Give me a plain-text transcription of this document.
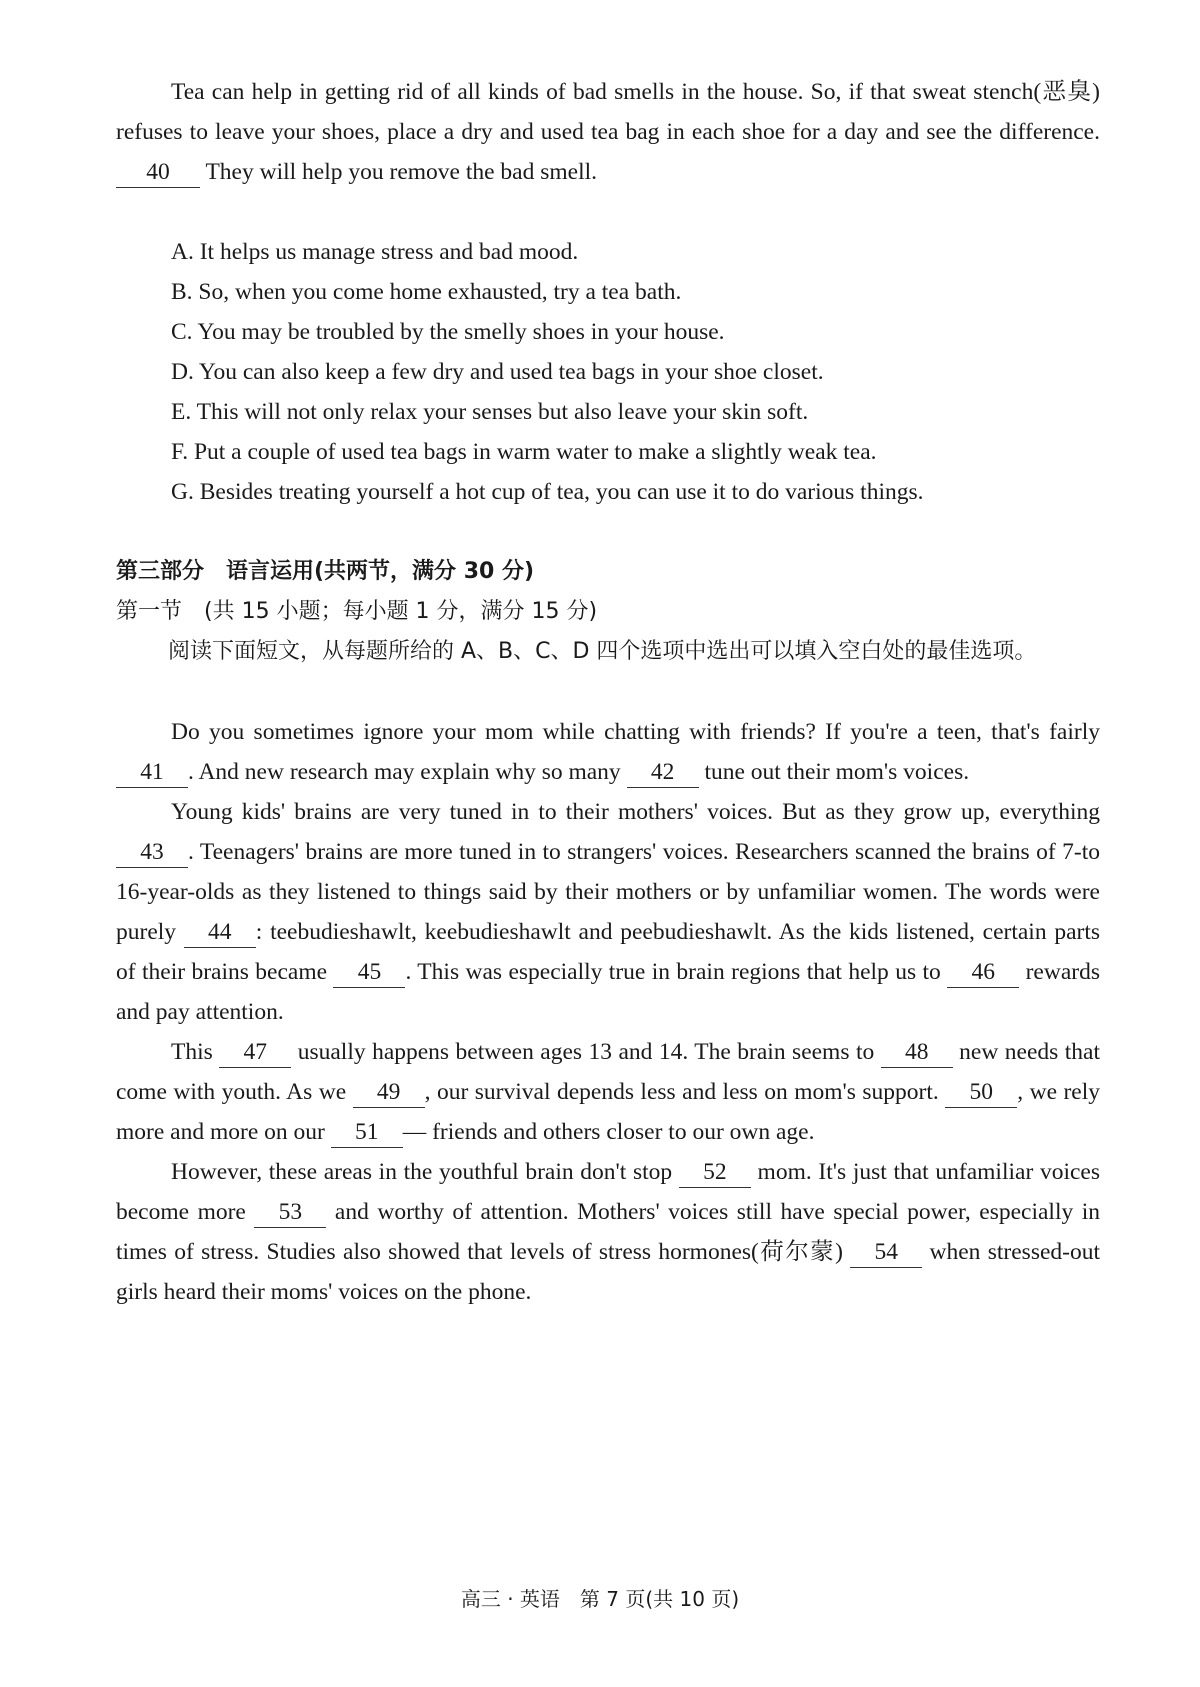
Tea can help in getting rid of all kinds of bad smells in the house. So, if that sweat stench(恶臭) refuses to leave your shoes, place a dry and used tea bag in each shoe for a day and see the difference. 40 They will help you remove the bad smell.

A. It helps us manage stress and bad mood.
B. So, when you come home exhausted, try a tea bath.
C. You may be troubled by the smelly shoes in your house.
D. You can also keep a few dry and used tea bags in your shoe closet.
E. This will not only relax your senses but also leave your skin soft.
F. Put a couple of used tea bags in warm water to make a slightly weak tea.
G. Besides treating yourself a hot cup of tea, you can use it to do various things.
第三部分　语言运用(共两节，满分 30 分)
第一节　(共 15 小题；每小题 1 分，满分 15 分)
阅读下面短文，从每题所给的 A、B、C、D 四个选项中选出可以填入空白处的最佳选项。

Do you sometimes ignore your mom while chatting with friends? If you're a teen, that's fairly 41 . And new research may explain why so many 42 tune out their mom's voices.

Young kids' brains are very tuned in to their mothers' voices. But as they grow up, everything 43 . Teenagers' brains are more tuned in to strangers' voices. Researchers scanned the brains of 7-to 16-year-olds as they listened to things said by their mothers or by unfamiliar women. The words were purely 44 : teebudieshawlt, keebudieshawlt and peebudieshawlt. As the kids listened, certain parts of their brains became 45 . This was especially true in brain regions that help us to 46 rewards and pay attention.

This 47 usually happens between ages 13 and 14. The brain seems to 48 new needs that come with youth. As we 49 , our survival depends less and less on mom's support. 50 , we rely more and more on our 51 — friends and others closer to our own age.

However, these areas in the youthful brain don't stop 52 mom. It's just that unfamiliar voices become more 53 and worthy of attention. Mothers' voices still have special power, especially in times of stress. Studies also showed that levels of stress hormones(荷尔蒙) 54 when stressed-out girls heard their moms' voices on the phone.

高三 · 英语　第 7 页(共 10 页)
